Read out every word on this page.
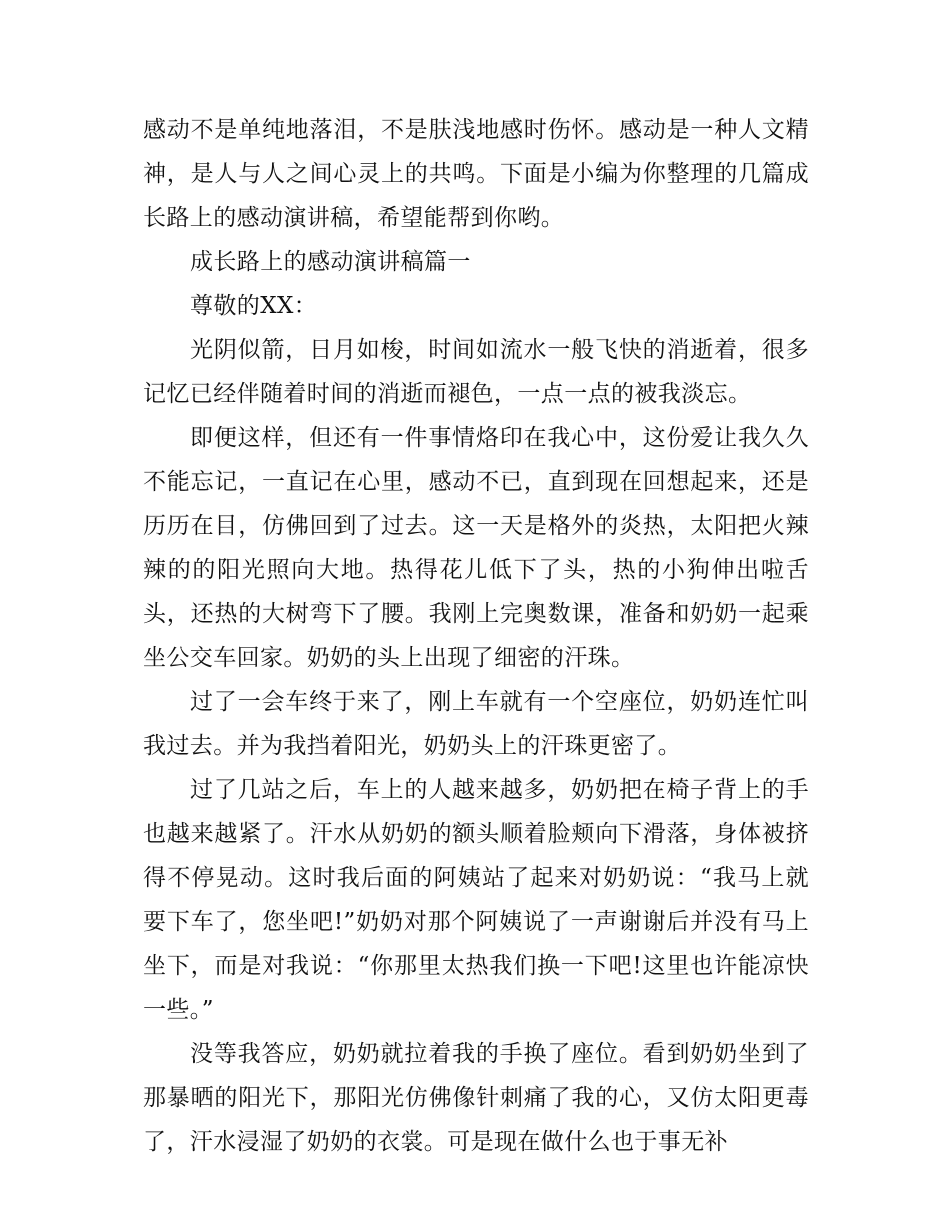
感动不是单纯地落泪，不是肤浅地感时伤怀。感动是一种人文精神，是人与人之间心灵上的共鸣。下面是小编为你整理的几篇成长路上的感动演讲稿，希望能帮到你哟。

成长路上的感动演讲稿篇一

尊敬的XX：

光阴似箭，日月如梭，时间如流水一般飞快的消逝着，很多记忆已经伴随着时间的消逝而褪色，一点一点的被我淡忘。

即便这样，但还有一件事情烙印在我心中，这份爱让我久久不能忘记，一直记在心里，感动不已，直到现在回想起来，还是历历在目，仿佛回到了过去。这一天是格外的炎热，太阳把火辣辣的的阳光照向大地。热得花儿低下了头，热的小狗伸出啦舌头，还热的大树弯下了腰。我刚上完奥数课，准备和奶奶一起乘坐公交车回家。奶奶的头上出现了细密的汗珠。

过了一会车终于来了，刚上车就有一个空座位，奶奶连忙叫我过去。并为我挡着阳光，奶奶头上的汗珠更密了。

过了几站之后，车上的人越来越多，奶奶把在椅子背上的手也越来越紧了。汗水从奶奶的额头顺着脸颊向下滑落，身体被挤得不停晃动。这时我后面的阿姨站了起来对奶奶说：“我马上就要下车了，您坐吧!”奶奶对那个阿姨说了一声谢谢后并没有马上坐下，而是对我说：“你那里太热我们换一下吧!这里也许能凉快一些。”

没等我答应，奶奶就拉着我的手换了座位。看到奶奶坐到了那暴晒的阳光下，那阳光仿佛像针刺痛了我的心，又仿太阳更毒了，汗水浸湿了奶奶的衣裳。可是现在做什么也于事无补
